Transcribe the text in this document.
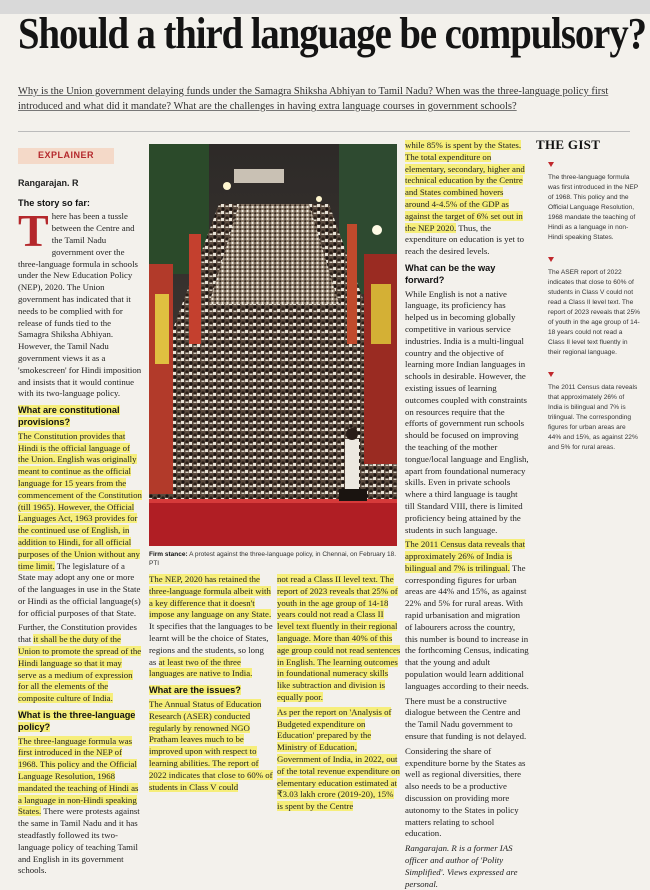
Should a third language be compulsory?
Why is the Union government delaying funds under the Samagra Shiksha Abhiyan to Tamil Nadu? When was the three-language policy first introduced and what did it mandate? What are the challenges in having extra language courses in government schools?
EXPLAINER
Rangarajan. R
The story so far:

There has been a tussle between the Centre and the Tamil Nadu government over the three-language formula in schools under the New Education Policy (NEP), 2020. The Union government has indicated that it needs to be complied with for release of funds tied to the Samagra Shiksha Abhiyan. However, the Tamil Nadu government views it as a 'smokescreen' for Hindi imposition and insists that it would continue with its two-language policy.

What are constitutional provisions?

The Constitution provides that Hindi is the official language of the Union. English was originally meant to continue as the official language for 15 years from the commencement of the Constitution (till 1965). However, the Official Languages Act, 1963 provides for the continued use of English, in addition to Hindi, for all official purposes of the Union without any time limit. The legislature of a State may adopt any one or more of the languages in use in the State or Hindi as the official language(s) for official purposes of that State.

Further, the Constitution provides that it shall be the duty of the Union to promote the spread of the Hindi language so that it may serve as a medium of expression for all the elements of the composite culture of India.

What is the three-language policy?

The three-language formula was first introduced in the NEP of 1968. This policy and the Official Language Resolution, 1968 mandated the teaching of Hindi as a language in non-Hindi speaking States. There were protests against the same in Tamil Nadu and it has steadfastly followed its two-language policy of teaching Tamil and English in its government schools.

Firm stance: A protest against the three-language policy, in Chennai, on February 18. PTI

The NEP, 2020 has retained the three-language formula albeit with a key difference that it doesn't impose any language on any State. It specifies that the languages to be learnt will be the choice of States, regions and the students, so long as at least two of the three languages are native to India.

What are the issues?

The Annual Status of Education Research (ASER) conducted regularly by renowned NGO Pratham leaves much to be improved upon with respect to learning abilities. The report of 2022 indicates that close to 60% of students in Class V could

not read a Class II level text. The report of 2023 reveals that 25% of youth in the age group of 14-18 years could not read a Class II level text fluently in their regional language. More than 40% of this age group could not read sentences in English. The learning outcomes in foundational numeracy skills like subtraction and division is equally poor.

As per the report on 'Analysis of Budgeted expenditure on Education' prepared by the Ministry of Education, Government of India, in 2022, out of the total revenue expenditure on elementary education estimated at ₹3.03 lakh crore (2019-20), 15% is spent by the Centre

while 85% is spent by the States. The total expenditure on elementary, secondary, higher and technical education by the Centre and States combined hovers around 4-4.5% of the GDP as against the target of 6% set out in the NEP 2020. Thus, the expenditure on education is yet to reach the desired levels.

What can be the way forward?

While English is not a native language, its proficiency has helped us in becoming globally competitive in various service industries. India is a multi-lingual country and the objective of learning more Indian languages in schools in desirable. However, the existing issues of learning outcomes coupled with constraints on resources require that the efforts of government run schools should be focused on improving the teaching of the mother tongue/local language and English, apart from foundational numeracy skills. Even in private schools where a third language is taught till Standard VIII, there is limited proficiency being attained by the students in such language.

The 2011 Census data reveals that approximately 26% of India is bilingual and 7% is trilingual. The corresponding figures for urban areas are 44% and 15%, as against 22% and 5% for rural areas. With rapid urbanisation and migration of labourers across the country, this number is bound to increase in the forthcoming Census, indicating that the young and adult population would learn additional languages according to their needs.

There must be a constructive dialogue between the Centre and the Tamil Nadu government to ensure that funding is not delayed.

Considering the share of expenditure borne by the States as well as regional diversities, there also needs to be a productive discussion on providing more autonomy to the States in policy matters relating to school education.

Rangarajan. R is a former IAS officer and author of 'Polity Simplified'. Views expressed are personal.

THE GIST
The three-language formula was first introduced in the NEP of 1968. This policy and the Official Language Resolution, 1968 mandate the teaching of Hindi as a language in non-Hindi speaking States.
The ASER report of 2022 indicates that close to 60% of students in Class V could not read a Class II level text. The report of 2023 reveals that 25% of youth in the age group of 14-18 years could not read a Class II level text fluently in their regional language.
The 2011 Census data reveals that approximately 26% of India is bilingual and 7% is trilingual. The corresponding figures for urban areas are 44% and 15%, as against 22% and 5% for rural areas.
